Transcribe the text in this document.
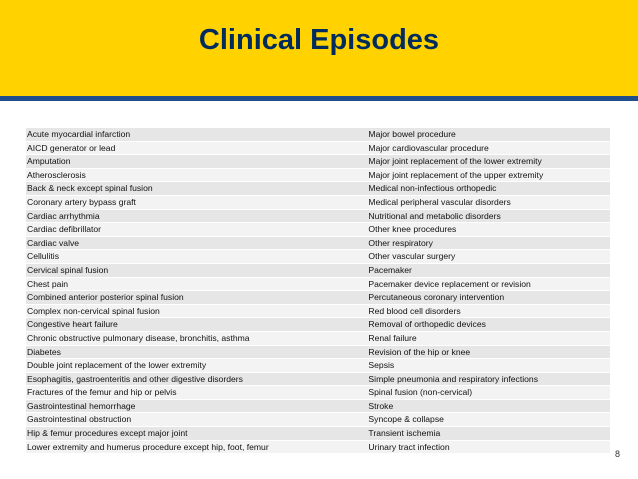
Clinical Episodes
Acute myocardial infarction	Major bowel procedure
AICD generator or lead	Major cardiovascular procedure
Amputation	Major joint replacement of the lower extremity
Atherosclerosis	Major joint replacement of the upper extremity
Back & neck except spinal fusion	Medical non-infectious orthopedic
Coronary artery bypass graft	Medical peripheral vascular disorders
Cardiac arrhythmia	Nutritional and metabolic disorders
Cardiac defibrillator	Other knee procedures
Cardiac valve	Other respiratory
Cellulitis	Other vascular surgery
Cervical spinal fusion	Pacemaker
Chest pain	Pacemaker device replacement or revision
Combined anterior posterior spinal fusion	Percutaneous coronary intervention
Complex non-cervical spinal fusion	Red blood cell disorders
Congestive heart failure	Removal of orthopedic devices
Chronic obstructive pulmonary disease, bronchitis, asthma	Renal failure
Diabetes	Revision of the hip or knee
Double joint replacement of the lower extremity	Sepsis
Esophagitis, gastroenteritis and other digestive disorders	Simple pneumonia and respiratory infections
Fractures of the femur and hip or pelvis	Spinal fusion (non-cervical)
Gastrointestinal hemorrhage	Stroke
Gastrointestinal obstruction	Syncope & collapse
Hip & femur procedures except major joint	Transient ischemia
Lower extremity and humerus procedure except hip, foot, femur	Urinary tract infection
8
